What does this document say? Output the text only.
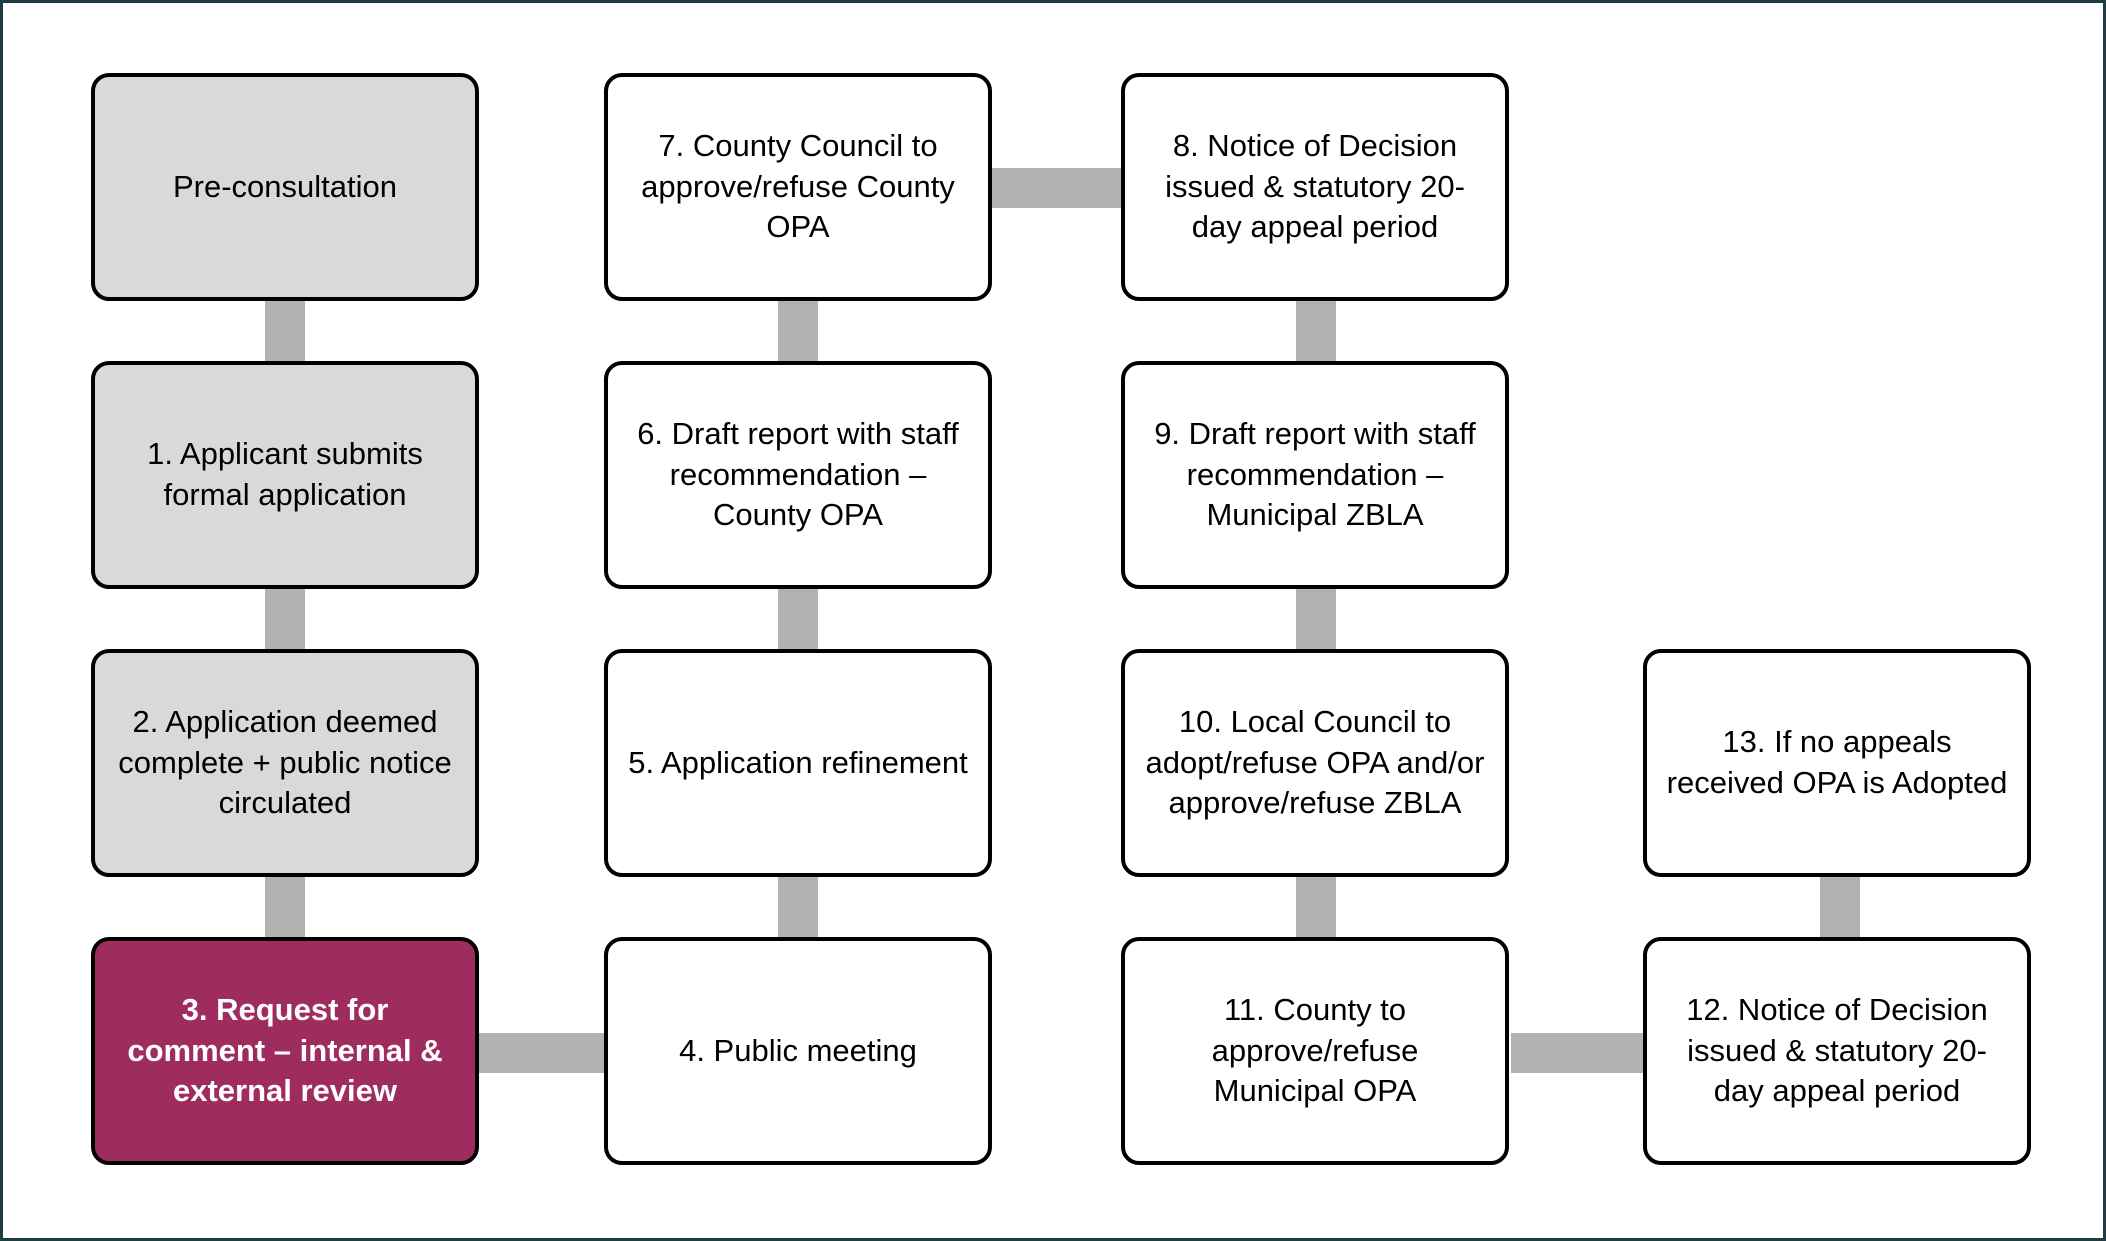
Pre-consultation
1. Applicant submits formal application
2. Application deemed complete + public notice circulated
3. Request for comment – internal & external review
4. Public meeting
5. Application refinement
6. Draft report with staff recommendation – County OPA
7. County Council to approve/refuse County OPA
8. Notice of Decision issued & statutory 20-day appeal period
9. Draft report with staff recommendation –Municipal ZBLA
10. Local Council to adopt/refuse OPA and/or approve/refuse ZBLA
11. County to approve/refuse Municipal OPA
12. Notice of Decision issued & statutory 20-day appeal period
13. If no appeals received OPA is Adopted
